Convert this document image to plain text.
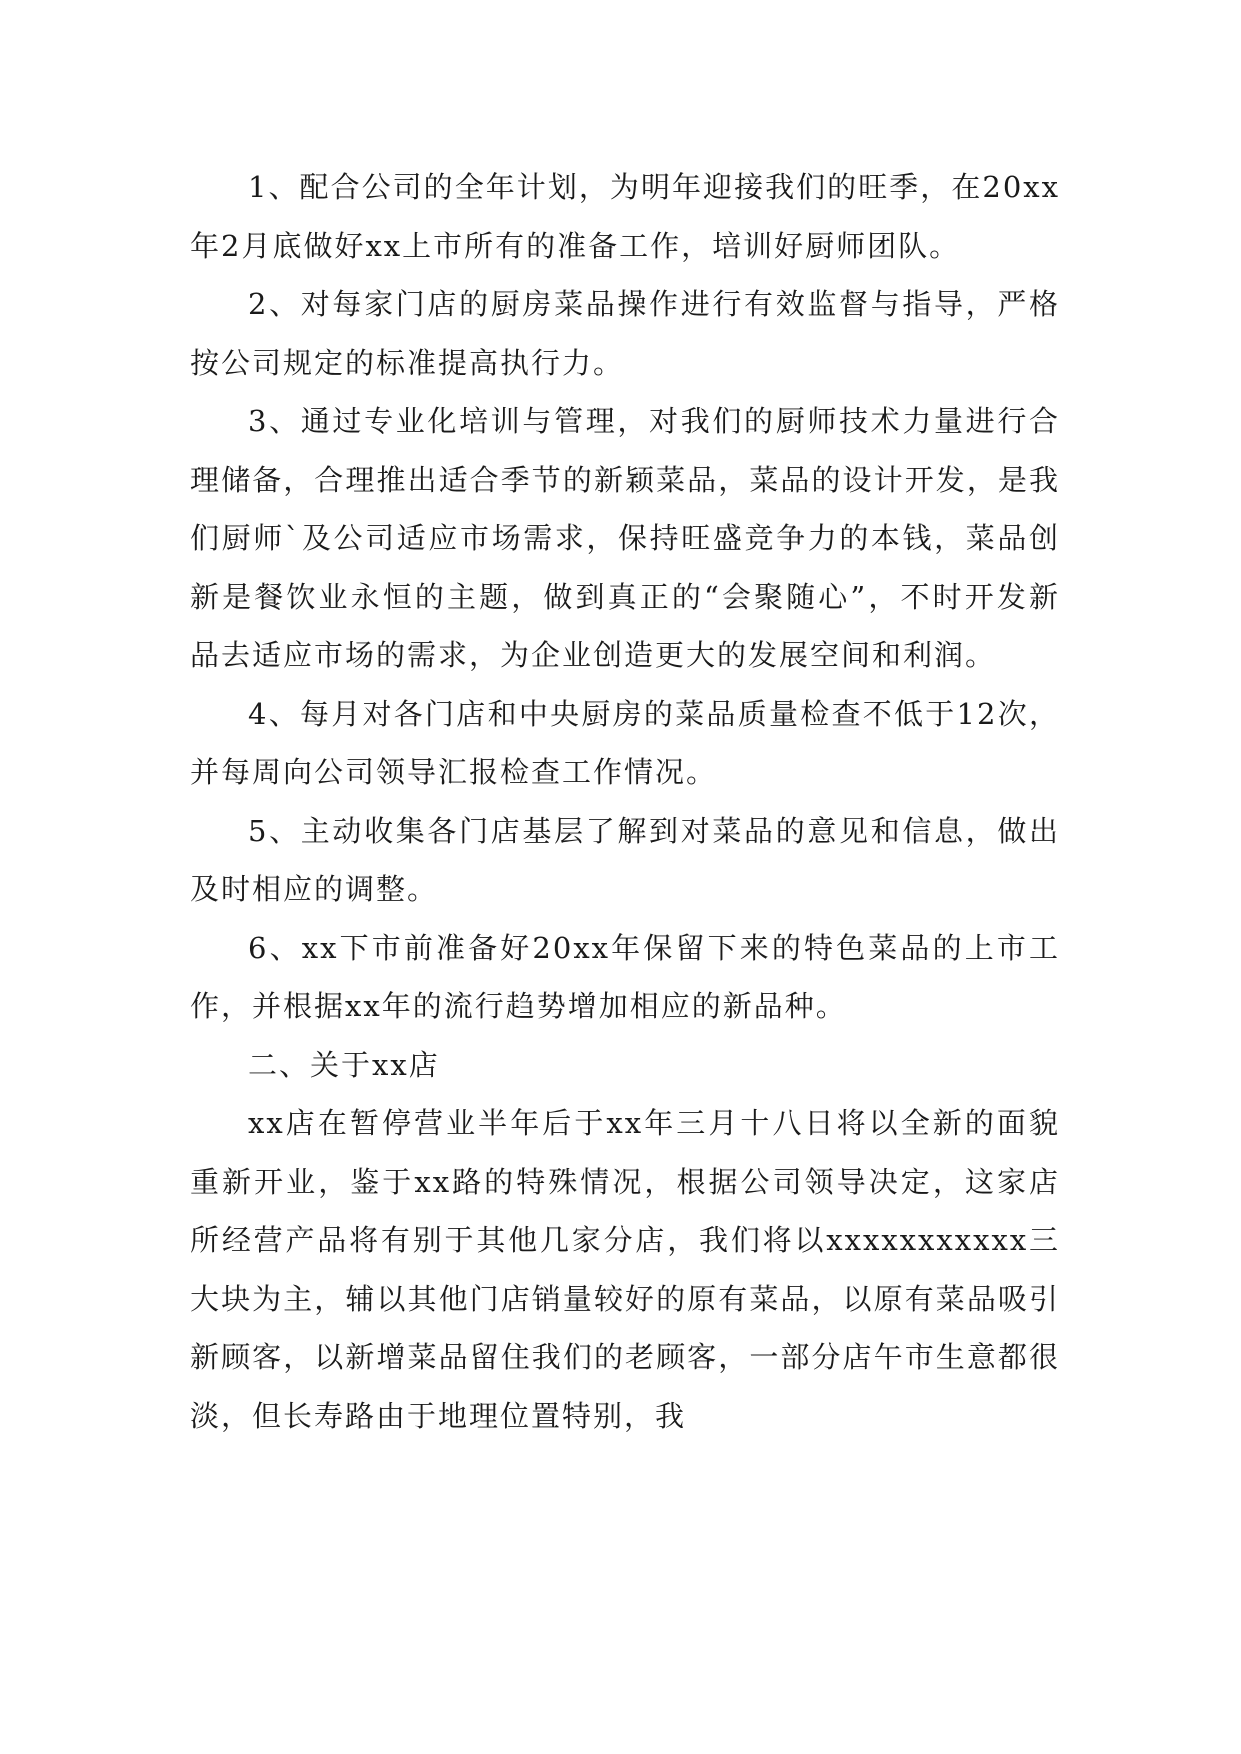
1、配合公司的全年计划，为明年迎接我们的旺季，在20xx年2月底做好xx上市所有的准备工作，培训好厨师团队。

2、对每家门店的厨房菜品操作进行有效监督与指导，严格按公司规定的标准提高执行力。

3、通过专业化培训与管理，对我们的厨师技术力量进行合理储备，合理推出适合季节的新颖菜品，菜品的设计开发，是我们厨师`及公司适应市场需求，保持旺盛竞争力的本钱，菜品创新是餐饮业永恒的主题，做到真正的“会聚随心”，不时开发新品去适应市场的需求，为企业创造更大的发展空间和利润。

4、每月对各门店和中央厨房的菜品质量检查不低于12次，并每周向公司领导汇报检查工作情况。

5、主动收集各门店基层了解到对菜品的意见和信息，做出及时相应的调整。

6、xx下市前准备好20xx年保留下来的特色菜品的上市工作，并根据xx年的流行趋势增加相应的新品种。

二、关于xx店

xx店在暂停营业半年后于xx年三月十八日将以全新的面貌重新开业，鉴于xx路的特殊情况，根据公司领导决定，这家店所经营产品将有别于其他几家分店，我们将以xxxxxxxxxxx三大块为主，辅以其他门店销量较好的原有菜品，以原有菜品吸引新顾客，以新增菜品留住我们的老顾客，一部分店午市生意都很淡，但长寿路由于地理位置特别，我
